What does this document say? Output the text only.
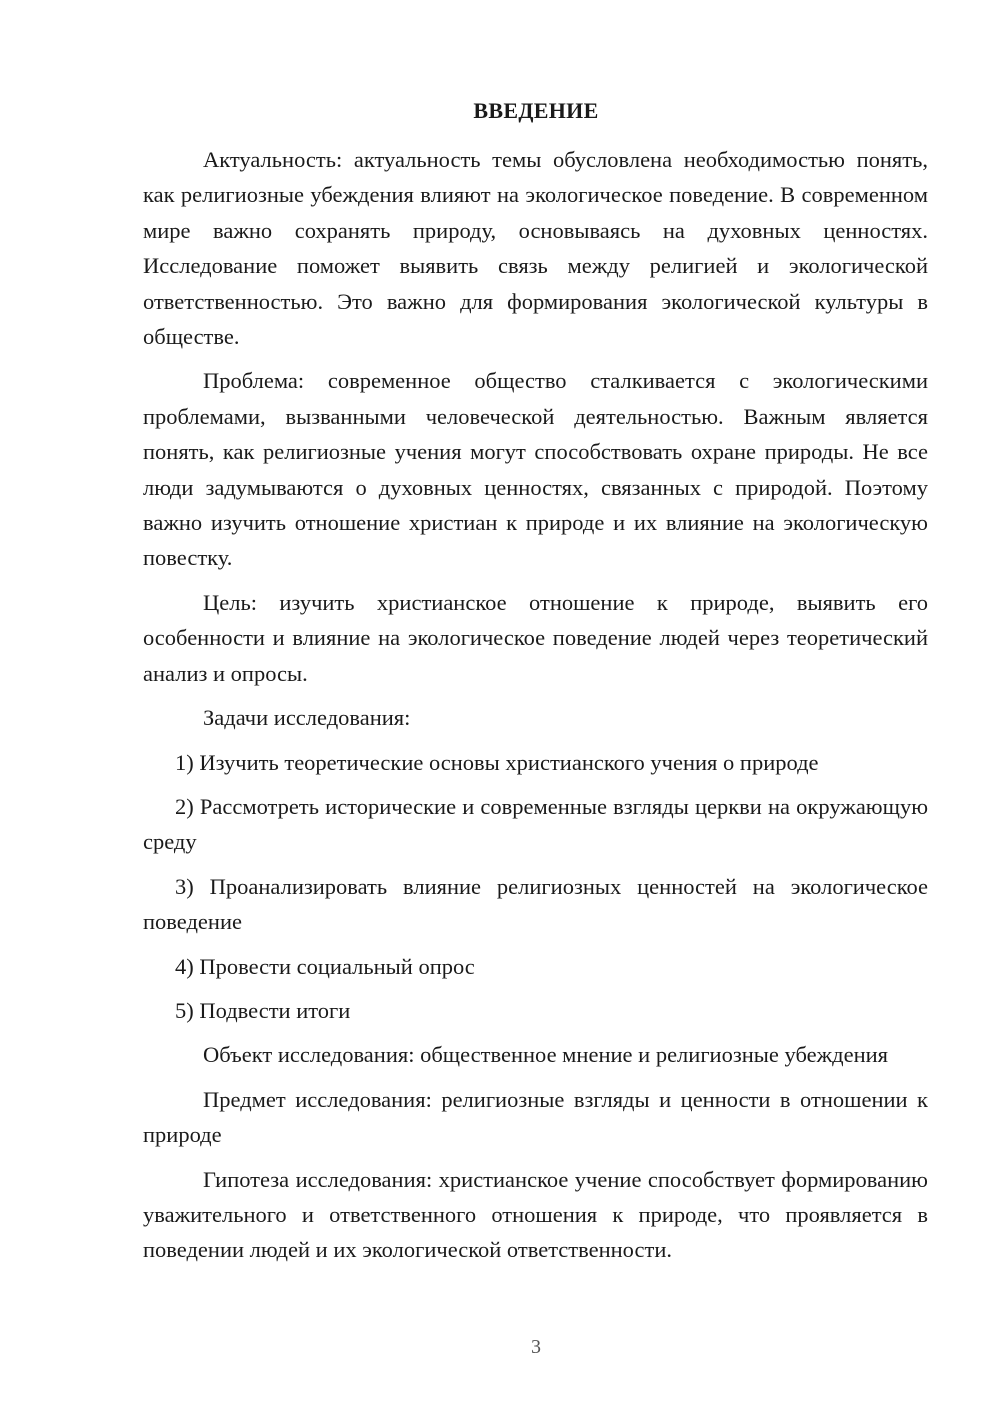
ВВЕДЕНИЕ

Актуальность: актуальность темы обусловлена необходимостью понять, как религиозные убеждения влияют на экологическое поведение. В современном мире важно сохранять природу, основываясь на духовных ценностях. Исследование поможет выявить связь между религией и экологической ответственностью. Это важно для формирования экологической культуры в обществе.

Проблема: современное общество сталкивается с экологическими проблемами, вызванными человеческой деятельностью. Важным является понять, как религиозные учения могут способствовать охране природы. Не все люди задумываются о духовных ценностях, связанных с природой. Поэтому важно изучить отношение христиан к природе и их влияние на экологическую повестку.

Цель: изучить христианское отношение к природе, выявить его особенности и влияние на экологическое поведение людей через теоретический анализ и опросы.

Задачи исследования:

1) Изучить теоретические основы христианского учения о природе

2) Рассмотреть исторические и современные взгляды церкви на окружающую среду

3) Проанализировать влияние религиозных ценностей на экологическое поведение

4) Провести социальный опрос

5) Подвести итоги

Объект исследования: общественное мнение и религиозные убеждения

Предмет исследования: религиозные взгляды и ценности в отношении к природе

Гипотеза исследования: христианское учение способствует формированию уважительного и ответственного отношения к природе, что проявляется в поведении людей и их экологической ответственности.

3
